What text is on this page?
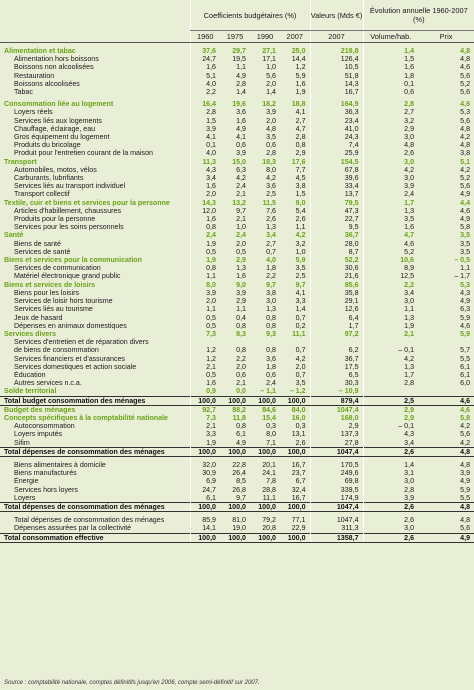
	Coefficients budgétaires (%)				Valeurs (Mds €)	Évolution annuelle 1960-2007 (%)	
	1960	1975	1990	2007	2007	Volume/hab.	Prix

Alimentation et tabac	37,6	29,7	27,1	25,0	219,8	1,4	4,8
Alimentation hors boissons	24,7	19,5	17,1	14,4	126,4	1,5	4,8
Boissons non alcoolisées	1,6	1,1	1,0	1,2	10,5	1,6	4,6
Restauration	5,1	4,9	5,6	5,9	51,8	1,8	5,6
Boissons alcoolisées	4,0	2,8	2,0	1,6	14,3	0,1	5,2
Tabac	2,2	1,4	1,4	1,9	16,7	0,6	5,6

Consommation liée au logement	16,4	19,6	18,2	18,8	164,9	2,8	4,6
Loyers réels	2,8	3,6	3,9	4,1	36,3	2,7	5,3
Services liés aux logements	1,5	1,6	2,0	2,7	23,4	3,2	5,6
Chauffage, éclairage, eau	3,9	4,9	4,8	4,7	41,0	2,9	4,8
Gros équipement du logement	4,1	4,1	3,5	2,8	24,3	3,0	4,2
Produits du bricolage	0,1	0,6	0,6	0,8	7,4	4,8	4,8
Produit pour l'entretien courant de la maison	4,0	3,9	2,8	2,9	25,9	2,6	3,8
Transport	11,3	15,0	18,3	17,6	154,5	3,0	5,1
Automobiles, motos, vélos	4,3	6,3	8,0	7,7	67,8	4,2	4,2
Carburants, lubrifiants	3,4	4,2	4,2	4,5	39,6	3,0	5,2
Services liés au transport individuel	1,6	2,4	3,6	3,8	33,4	3,9	5,6
Transport collectif	2,0	2,1	2,5	1,5	13,7	2,4	4,9
Textile, cuir et biens et services pour la personne	14,3	13,2	11,5	9,0	79,5	1,7	4,4
Articles d'habillement, chaussures	12,0	9,7	7,6	5,4	47,3	1,3	4,6
Produits pour la personne	1,6	2,1	2,6	2,6	22,7	3,5	4,9
Services pour les soins personnels	0,8	1,0	1,3	1,1	9,5	1,6	5,8
Santé	2,4	2,4	3,4	4,2	36,7	4,7	3,5
Biens de santé	1,9	2,0	2,7	3,2	28,0	4,6	3,5
Services de santé	0,5	0,5	0,7	1,0	8,7	5,2	3,5
Biens et services pour la communication	1,9	2,9	4,0	5,9	52,2	10,6	– 0,5
Services de communication	0,8	1,3	1,8	3,5	30,6	8,9	1,1
Matériel électronique grand public	1,1	1,6	2,2	2,5	21,6	12,5	– 1,7
Biens et services de loisirs	8,0	9,0	9,7	9,7	85,6	2,2	5,3
Biens pour les loisirs	3,9	3,9	3,8	4,1	35,8	3,4	4,3
Services de loisir hors tourisme	2,0	2,9	3,0	3,3	29,1	3,0	4,9
Services liés au tourisme	1,1	1,1	1,3	1,4	12,6	1,1	6,3
Jeux de hasard	0,5	0,4	0,8	0,7	6,4	1,3	5,9
Dépenses en animaux domestiques	0,5	0,8	0,8	0,2	1,7	1,9	4,6
Services divers	7,3	8,3	9,3	11,1	97,2	2,1	5,9
Services d'entretien et de réparation divers							
de biens de consommation	1,2	0,8	0,8	0,7	6,2	– 0,1	5,7
Services financiers et d'assurances	1,2	2,2	3,6	4,2	36,7	4,2	5,5
Services domestiques et action sociale	2,1	2,0	1,8	2,0	17,5	1,3	6,1
Éducation	0,5	0,6	0,6	0,7	6,5	1,7	6,1
Autres services n.c.a.	1,6	2,1	2,4	3,5	30,3	2,8	6,0
Solde territorial	0,9	0,0	– 1,1	– 1,2	– 10,9		
Total budget consommation des ménages	100,0	100,0	100,0	100,0	879,4	2,5	4,6
Budget des ménages	92,7	88,2	84,6	84,0	1047,4	2,9	4,6
Concepts spécifiques à la comptabilité nationale	7,3	11,8	15,4	16,0	168,0	2,9	5,8
Autoconsommation	2,1	0,8	0,3	0,3	2,9	– 0,1	4,2
Loyers imputés	3,3	6,1	8,0	13,1	137,3	4,3	5,6
Sifim	1,9	4,9	7,1	2,6	27,8	3,4	4,2
Total dépenses de consommation des ménages	100,0	100,0	100,0	100,0	1047,4	2,6	4,8

Biens alimentaires à domicile	32,0	22,8	20,1	16,7	170,5	1,4	4,8
Biens manufacturés	30,9	26,4	24,1	23,7	249,6	3,1	3,9
Énergie	6,9	8,5	7,8	6,7	69,8	3,0	4,9
Services hors loyers	24,7	26,8	28,8	32,4	339,5	2,8	5,9
Loyers	6,1	9,7	11,1	16,7	174,9	3,9	5,5
Total dépenses de consommation des ménages	100,0	100,0	100,0	100,0	1047,4	2,6	4,8

Total dépenses de consommation des ménages	85,9	81,0	79,2	77,1	1047,4	2,6	4,8
Dépenses assurées par la collectivité	14,1	19,0	20,8	22,9	311,3	3,0	5,6
Total consommation effective	100,0	100,0	100,0	100,0	1358,7	2,6	4,9
Source : comptabilité nationale, comptes définitifs jusqu'en 2006, compte semi-définitif sur 2007.
